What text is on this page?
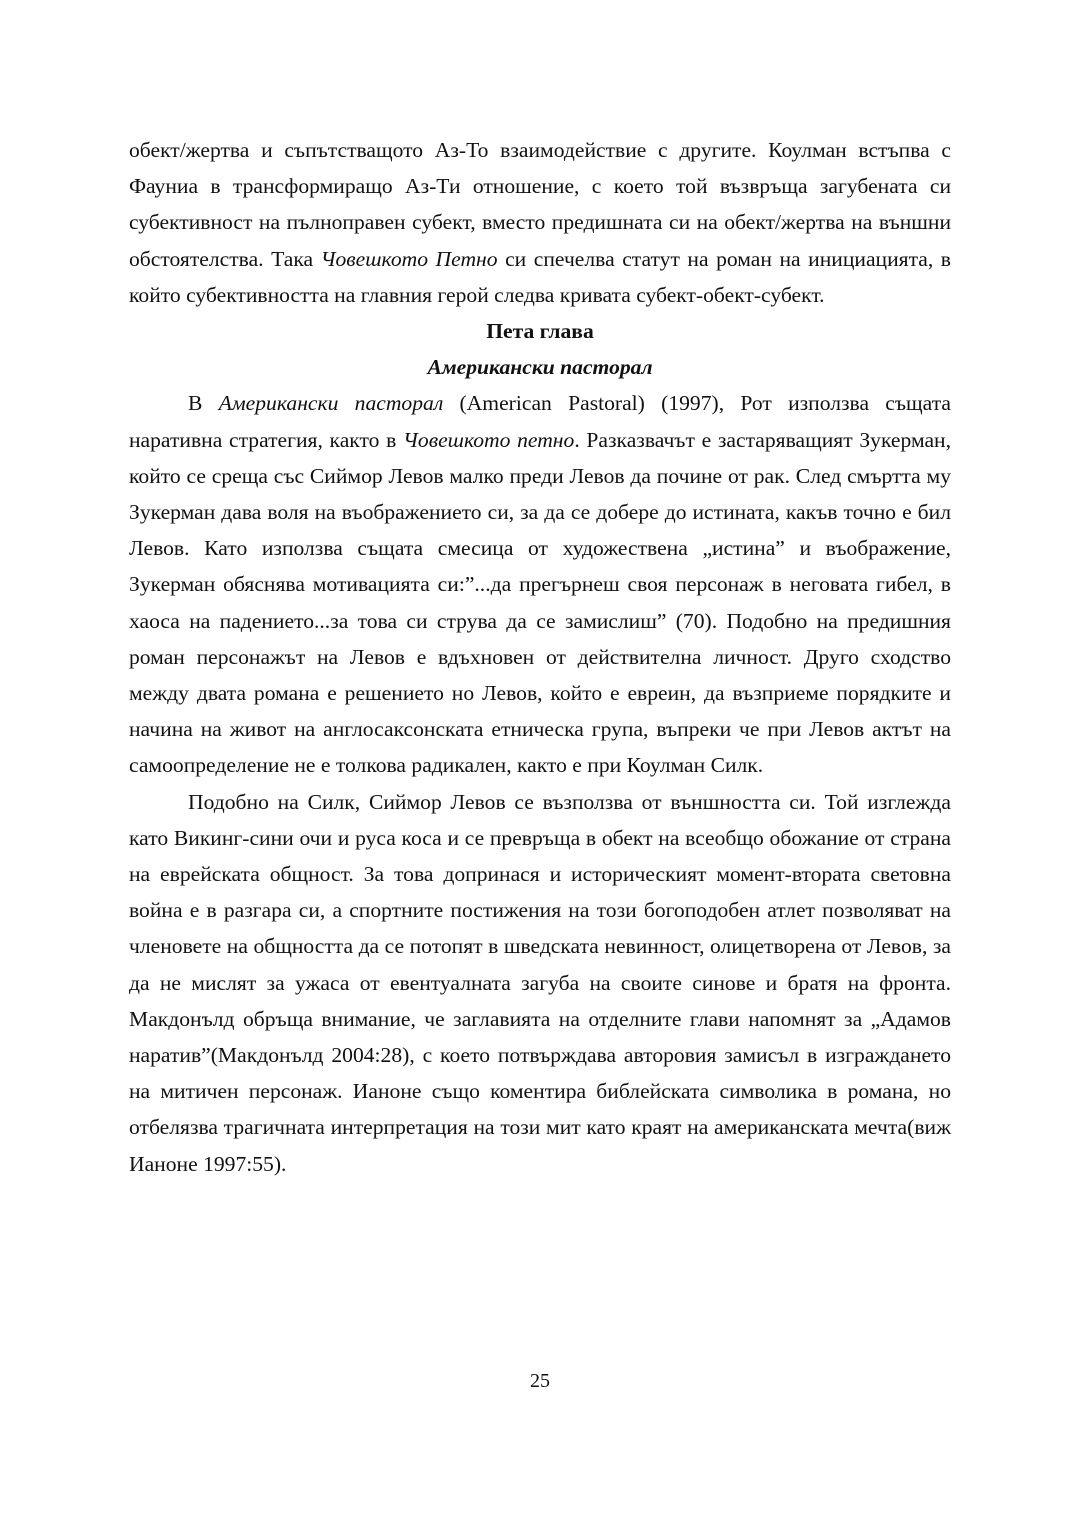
обект/жертва и съпътстващото Аз-То взаимодействие с другите. Коулман встъпва с Фауниа в трансформиращо Аз-Ти отношение, с което той възвръща загубената си субективност на пълноправен субект, вместо предишната си на обект/жертва на външни обстоятелства. Така Човешкото Петно си спечелва статут на роман на инициацията, в който субективността на главния герой следва кривата субект-обект-субект.

Пета глава

Американски пасторал

В Американски пасторал (American Pastoral) (1997), Рот използва същата наративна стратегия, както в Човешкото петно. Разказвачът е застаряващият Зукерман, който се среща със Сиймор Левов малко преди Левов да почине от рак. След смъртта му Зукерман дава воля на въображението си, за да се добере до истината, какъв точно е бил Левов. Като използва същата смесица от художествена „истина” и въображение, Зукерман обяснява мотивацията си:”...да прегърнеш своя персонаж в неговата гибел, в хаоса на падението...за това си струва да се замислиш” (70). Подобно на предишния роман персонажът на Левов е вдъхновен от действителна личност. Друго сходство между двата романа е решението но Левов, който е евреин, да възприеме порядките и начина на живот на англосаксонската етническа група, въпреки че при Левов актът на самоопределение не е толкова радикален, както е при Коулман Силк.

Подобно на Силк, Сиймор Левов се възползва от външността си. Той изглежда като Викинг-сини очи и руса коса и се превръща в обект на всеобщо обожание от страна на еврейската общност. За това допринася и историческият момент-втората световна война е в разгара си, а спортните постижения на този богоподобен атлет позволяват на членовете на общността да се потопят в шведската невинност, олицетворена от Левов, за да не мислят за ужаса от евентуалната загуба на своите синове и братя на фронта. Макдонълд обръща внимание, че заглавията на отделните глави напомнят за „Адамов наратив”(Макдонълд 2004:28), с което потвърждава авторовия замисъл в изграждането на митичен персонаж. Ианоне също коментира библейската символика в романа, но отбелязва трагичната интерпретация на този мит като краят на американската мечта(виж Ианоне 1997:55).

25
